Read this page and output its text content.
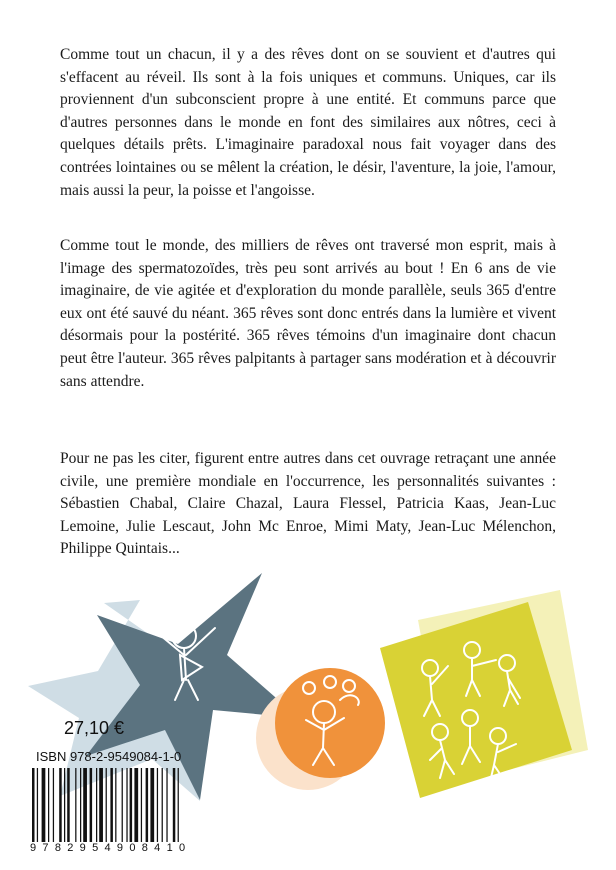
Comme tout un chacun, il y a des rêves dont on se souvient et d'autres qui s'effacent au réveil. Ils sont à la fois uniques et communs. Uniques, car ils proviennent d'un subconscient propre à une entité. Et communs parce que d'autres personnes dans le monde en font des similaires aux nôtres, ceci à quelques détails prêts. L'imaginaire paradoxal nous fait voyager dans des contrées lointaines ou se mêlent la création, le désir, l'aventure, la joie, l'amour, mais aussi la peur, la poisse et l'angoisse.

Comme tout le monde, des milliers de rêves ont traversé mon esprit, mais à l'image des spermatozoïdes, très peu sont arrivés au bout ! En 6 ans de vie imaginaire, de vie agitée et d'exploration du monde parallèle, seuls 365 d'entre eux ont été sauvé du néant. 365 rêves sont donc entrés dans la lumière et vivent désormais pour la postérité. 365 rêves témoins d'un imaginaire dont chacun peut être l'auteur. 365 rêves palpitants à partager sans modération et à découvrir sans attendre.

Pour ne pas les citer, figurent entre autres dans cet ouvrage retraçant une année civile, une première mondiale en l'occurrence, les personnalités suivantes : Sébastien Chabal, Claire Chazal, Laura Flessel, Patricia Kaas, Jean-Luc Lemoine, Julie Lescaut, John Mc Enroe, Mimi Maty, Jean-Luc Mélenchon, Philippe Quintais...

27,10 €
ISBN 978-2-9549084-1-0
9782954908410
